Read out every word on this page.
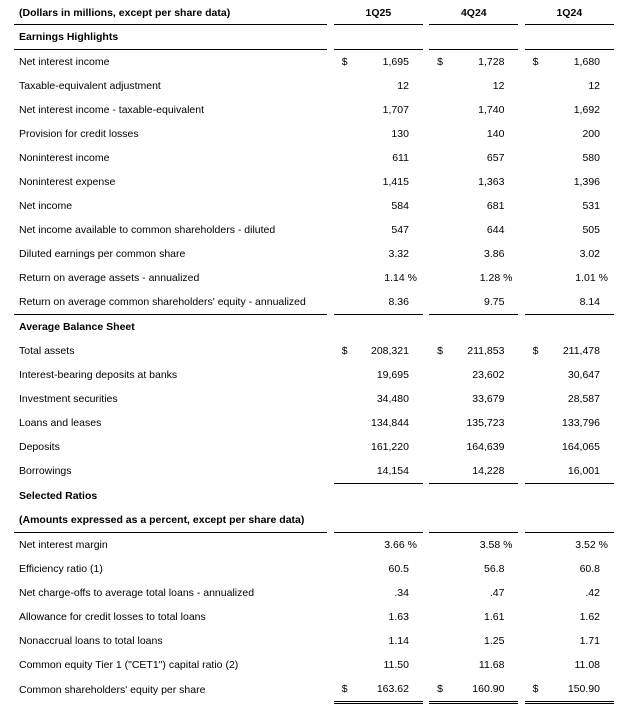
(Dollars in millions, except per share data)		1Q25			4Q24			1Q24	
Earnings Highlights									
Net interest income		$	1,695		$	1,728		$	1,680
Taxable-equivalent adjustment			12			12			12
Net interest income - taxable-equivalent			1,707			1,740			1,692
Provision for credit losses			130			140			200
Noninterest income			611			657			580
Noninterest expense			1,415			1,363			1,396
Net income			584			681			531
Net income available to common shareholders - diluted			547			644			505
Diluted earnings per common share			3.32			3.86			3.02
Return on average assets - annualized			1.14 %			1.28 %			1.01 %
Return on average common shareholders' equity - annualized			8.36			9.75			8.14
Average Balance Sheet									
Total assets		$	208,321		$	211,853		$	211,478
Interest-bearing deposits at banks			19,695			23,602			30,647
Investment securities			34,480			33,679			28,587
Loans and leases			134,844			135,723			133,796
Deposits			161,220			164,639			164,065
Borrowings			14,154			14,228			16,001
Selected Ratios									
(Amounts expressed as a percent, except per share data)									
Net interest margin			3.66 %			3.58 %			3.52 %
Efficiency ratio (1)			60.5			56.8			60.8
Net charge-offs to average total loans - annualized			.34			.47			.42
Allowance for credit losses to total loans			1.63			1.61			1.62
Nonaccrual loans to total loans			1.14			1.25			1.71
Common equity Tier 1 ("CET1") capital ratio (2)			11.50			11.68			11.08
Common shareholders' equity per share		$	163.62		$	160.90		$	150.90
